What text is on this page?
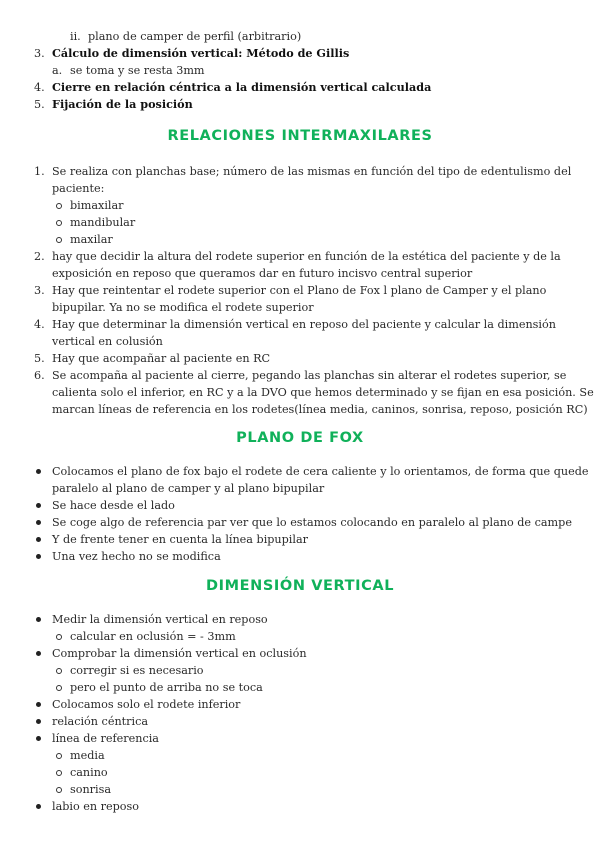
ii. plano de camper de perfil (arbitrario)
3. Cálculo de dimensión vertical: Método de Gillis
a. se toma y se resta 3mm
4. Cierre en relación céntrica a la dimensión vertical calculada
5. Fijación de la posición
RELACIONES INTERMAXILARES
1. Se realiza con planchas base; número de las mismas en función del tipo de edentulismo del
paciente:
bimaxilar
mandibular
maxilar
2. hay que decidir la altura del rodete superior en función de la estética del paciente y de la
exposición en reposo que queramos dar en futuro incisvo central superior
3. Hay que reintentar el rodete superior con el Plano de Fox l plano de Camper y el plano
bipupilar. Ya no se modifica el rodete superior
4. Hay que determinar la dimensión vertical en reposo del paciente y calcular la dimensión
vertical en colusión
5. Hay que acompañar al paciente en RC
6. Se acompaña al paciente al cierre, pegando las planchas sin alterar el rodetes superior, se
calienta solo el inferior, en RC y a la DVO que hemos determinado y se fijan en esa posición. Se
marcan líneas de referencia en los rodetes(línea media, caninos, sonrisa, reposo, posición RC)
PLANO DE FOX
Colocamos el plano de fox bajo el rodete de cera caliente y lo orientamos, de forma que quede
paralelo al plano de camper y al plano bipupilar
Se hace desde el lado
Se coge algo de referencia par ver que lo estamos colocando en paralelo al plano de campe
Y de frente tener en cuenta la línea bipupilar
Una vez hecho no se modifica
DIMENSIÓN VERTICAL
Medir la dimensión vertical en reposo
calcular en oclusión = - 3mm
Comprobar la dimensión vertical en oclusión
corregir si es necesario
pero el punto de arriba no se toca
Colocamos solo el rodete inferior
relación céntrica
línea de referencia
media
canino
sonrisa
labio en reposo
